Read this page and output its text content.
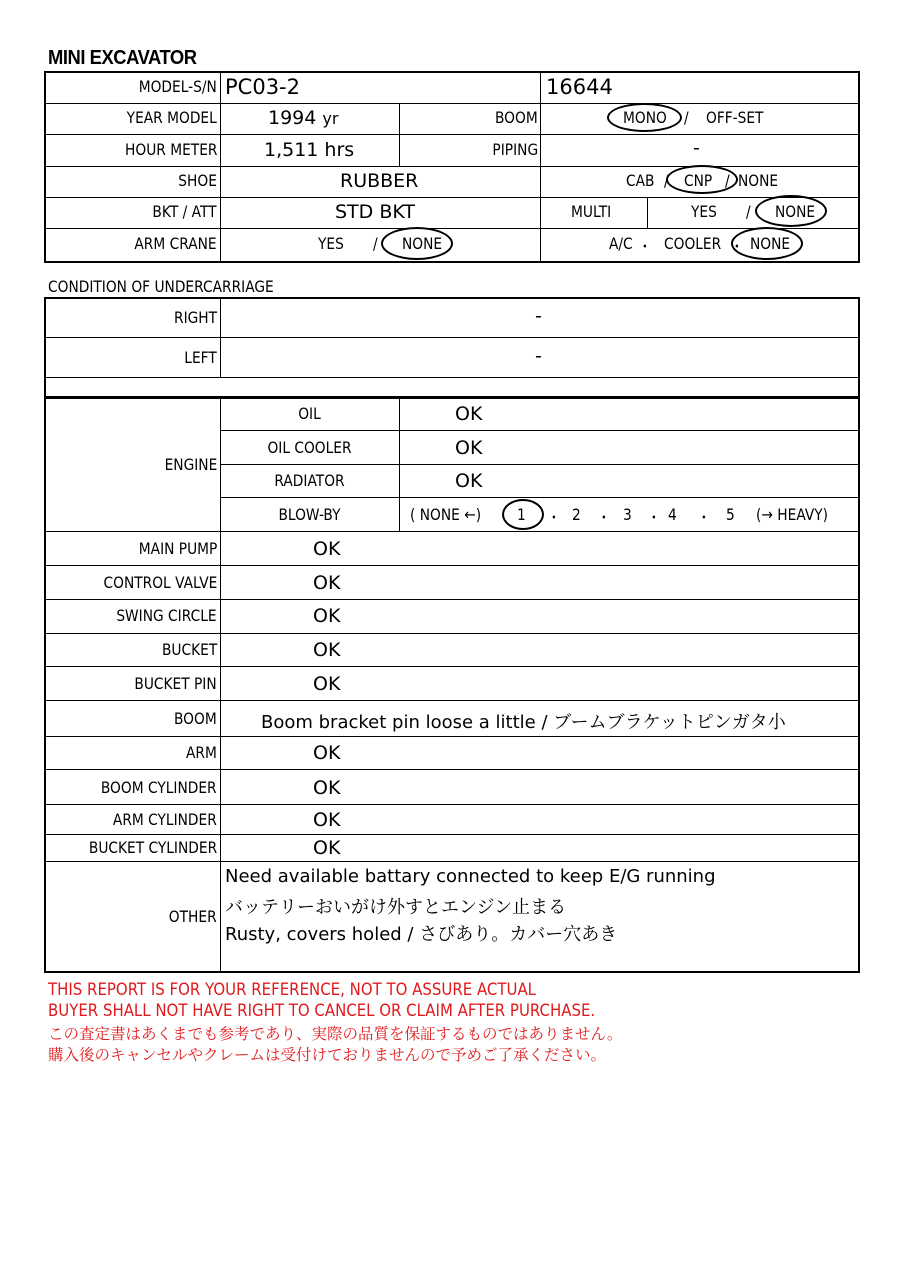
MINI EXCAVATOR
MODEL-S/N PC03-2	16644
YEAR MODEL	1994 yr	BOOM	MONO / OFF-SET
HOUR METER 1,511 hrs	PIPING	-
SHOE	RUBBER	CAB / CNP / NONE
BKT / ATT	STD BKT	MULTI	YES / NONE
ARM CRANE	YES / NONE	A/C ・ COOLER ・ NONE
CONDITION OF UNDERCARRIAGE
RIGHT	-
LEFT	-
ENGINE
OIL	OK
OIL COOLER	OK
RADIATOR	OK
BLOW-BY	( NONE ←) 1 ・ 2 ・ 3 ・ 4 ・ 5 (→ HEAVY)
MAIN PUMP	OK
CONTROL VALVE	OK
SWING CIRCLE	OK
BUCKET	OK
BUCKET PIN	OK
BOOM Boom bracket pin loose a little / ブームブラケットピンガタ小
ARM	OK
BOOM CYLINDER	OK
ARM CYLINDER	OK
BUCKET CYLINDER	OK
OTHER
Need available battary connected to keep E/G running
バッテリーおいがけ外すとエンジン止まる
Rusty, covers holed / さびあり。カバー穴あき
THIS REPORT IS FOR YOUR REFERENCE, NOT TO ASSURE ACTUAL
BUYER SHALL NOT HAVE RIGHT TO CANCEL OR CLAIM AFTER PURCHASE.
この査定書はあくまでも参考であり、実際の品質を保証するものではありません。
購入後のキャンセルやクレームは受付けておりませんので予めご了承ください。
